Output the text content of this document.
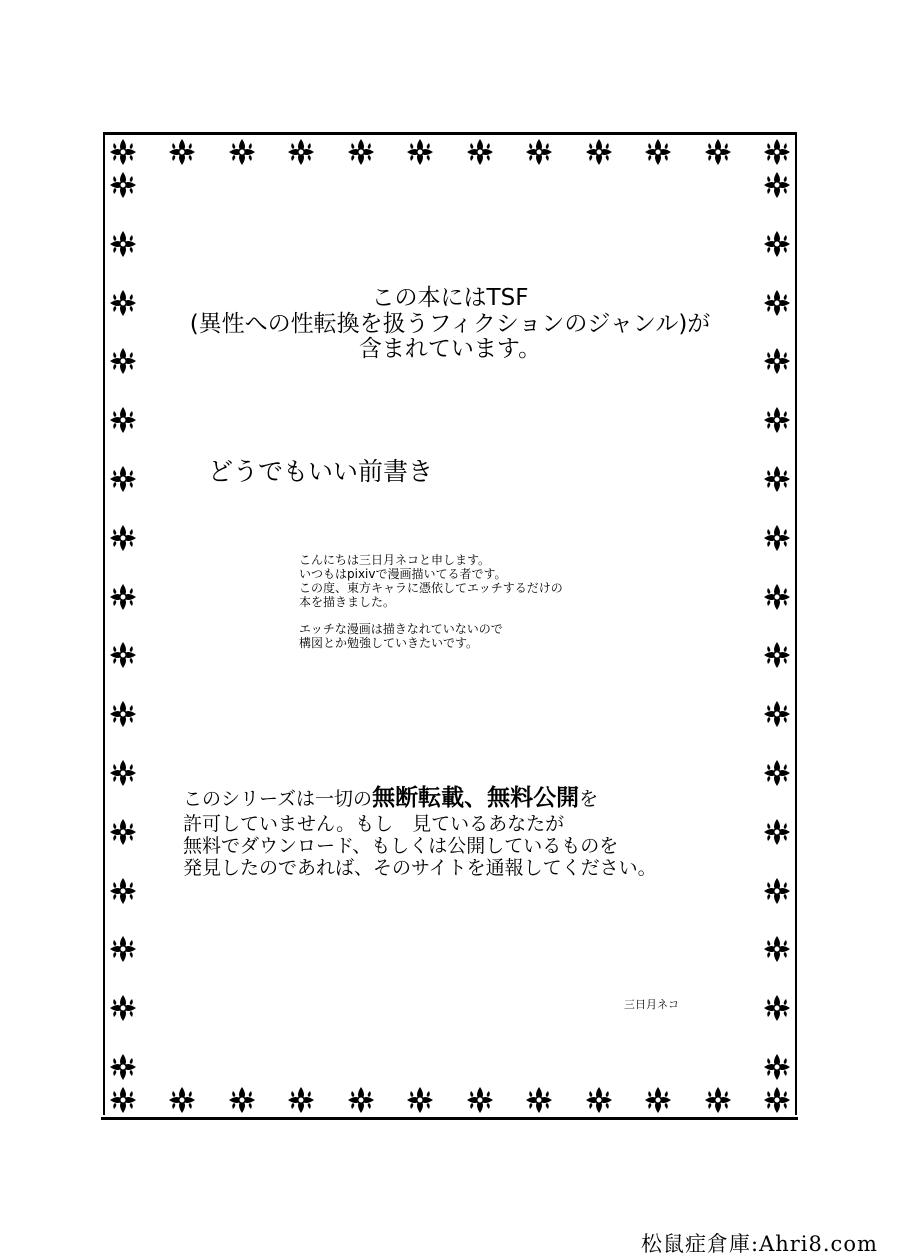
この本にはTSF
(異性への性転換を扱うフィクションのジャンル)が
含まれています。
どうでもいい前書き
こんにちは三日月ネコと申します。
いつもはpixivで漫画描いてる者です。
この度、東方キャラに憑依してエッチするだけの
本を描きました。
エッチな漫画は描きなれていないので
構図とか勉強していきたいです。
このシリーズは一切の無断転載、無料公開を
許可していません。もし　見ているあなたが
無料でダウンロード、もしくは公開しているものを
発見したのであれば、そのサイトを通報してください。
三日月ネコ
松鼠症倉庫:Ahri8.com
